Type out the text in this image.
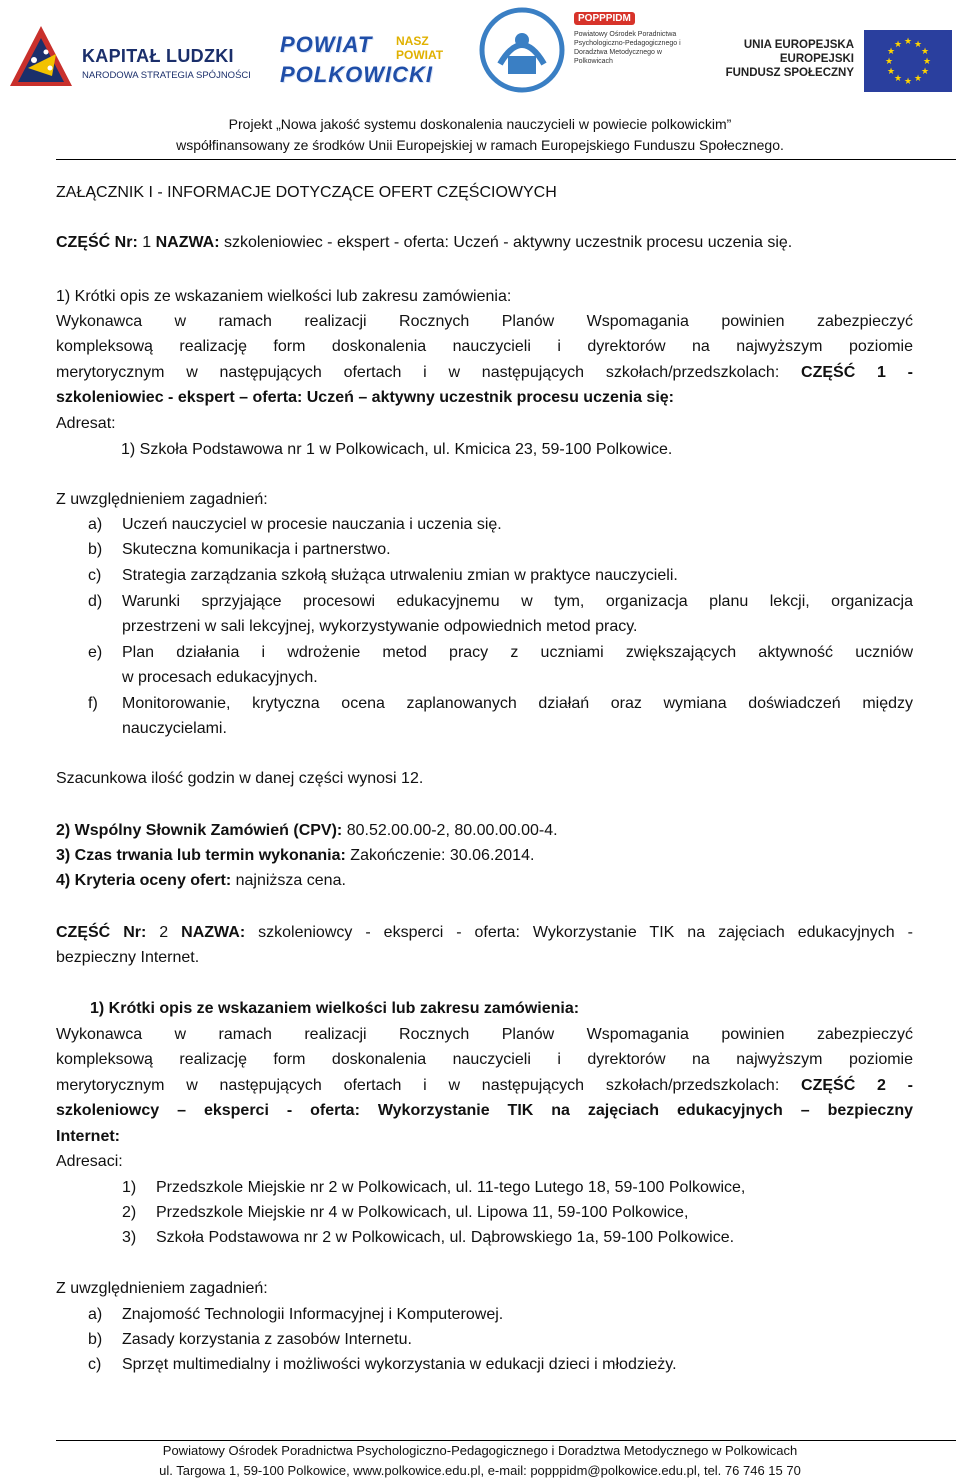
KAPITAŁ LUDZKI
NARODOWA STRATEGIA SPÓJNOŚCI
POWIAT
POLKOWICKI
NASZ
POWIAT
POPPPIDM
Powiatowy Ośrodek Poradnictwa Psychologiczno-Pedagogicznego i Doradztwa Metodycznego w Polkowicach
UNIA EUROPEJSKA
EUROPEJSKI
FUNDUSZ SPOŁECZNY
★ ★
★
★
★
★
★
★
★
★
★
★
Projekt „Nowa jakość systemu doskonalenia nauczycieli w powiecie polkowickim”
współfinansowany ze środków Unii Europejskiej w ramach Europejskiego Funduszu Społecznego.
ZAŁĄCZNIK I - INFORMACJE DOTYCZĄCE OFERT CZĘŚCIOWYCH
CZĘŚĆ Nr: 1 NAZWA: szkoleniowiec - ekspert - oferta: Uczeń - aktywny uczestnik procesu uczenia się.
1) Krótki opis ze wskazaniem wielkości lub zakresu zamówienia:
Wykonawca w ramach realizacji Rocznych Planów Wspomagania powinien zabezpieczyć
kompleksową realizację form doskonalenia nauczycieli i dyrektorów na najwyższym poziomie
merytorycznym w następujących ofertach i w następujących szkołach/przedszkolach: CZĘŚĆ 1 -
szkoleniowiec - ekspert – oferta: Uczeń – aktywny uczestnik procesu uczenia się:
Adresat:
1) Szkoła Podstawowa nr 1 w Polkowicach, ul. Kmicica 23, 59-100 Polkowice.
Z uwzględnieniem zagadnień:
a) Uczeń nauczyciel w procesie nauczania i uczenia się.
b) Skuteczna komunikacja i partnerstwo.
c) Strategia zarządzania szkołą służąca utrwaleniu zmian w praktyce nauczycieli.
d) Warunki sprzyjające procesowi edukacyjnemu w tym, organizacja planu lekcji, organizacja
przestrzeni w sali lekcyjnej, wykorzystywanie odpowiednich metod pracy.
e) Plan działania i wdrożenie metod pracy z uczniami zwiększających aktywność uczniów
w procesach edukacyjnych.
f) Monitorowanie, krytyczna ocena zaplanowanych działań oraz wymiana doświadczeń między
nauczycielami.
Szacunkowa ilość godzin w danej części wynosi 12.
2) Wspólny Słownik Zamówień (CPV): 80.52.00.00-2, 80.00.00.00-4.
3) Czas trwania lub termin wykonania: Zakończenie: 30.06.2014.
4) Kryteria oceny ofert: najniższa cena.
CZĘŚĆ Nr: 2 NAZWA: szkoleniowcy - eksperci - oferta: Wykorzystanie TIK na zajęciach edukacyjnych -
bezpieczny Internet.
1) Krótki opis ze wskazaniem wielkości lub zakresu zamówienia:
Wykonawca w ramach realizacji Rocznych Planów Wspomagania powinien zabezpieczyć
kompleksową realizację form doskonalenia nauczycieli i dyrektorów na najwyższym poziomie
merytorycznym w następujących ofertach i w następujących szkołach/przedszkolach: CZĘŚĆ 2 -
szkoleniowcy – eksperci - oferta: Wykorzystanie TIK na zajęciach edukacyjnych – bezpieczny
Internet:
Adresaci:
1) Przedszkole Miejskie nr 2 w Polkowicach, ul. 11-tego Lutego 18, 59-100 Polkowice,
2) Przedszkole Miejskie nr 4 w Polkowicach, ul. Lipowa 11, 59-100 Polkowice,
3) Szkoła Podstawowa nr 2 w Polkowicach, ul. Dąbrowskiego 1a, 59-100 Polkowice.
Z uwzględnieniem zagadnień:
a) Znajomość Technologii Informacyjnej i Komputerowej.
b) Zasady korzystania z zasobów Internetu.
c) Sprzęt multimedialny i możliwości wykorzystania w edukacji dzieci i młodzieży.
Powiatowy Ośrodek Poradnictwa Psychologiczno-Pedagogicznego i Doradztwa Metodycznego w Polkowicach
ul. Targowa 1, 59-100 Polkowice, www.polkowice.edu.pl, e-mail: popppidm@polkowice.edu.pl, tel. 76 746 15 70
